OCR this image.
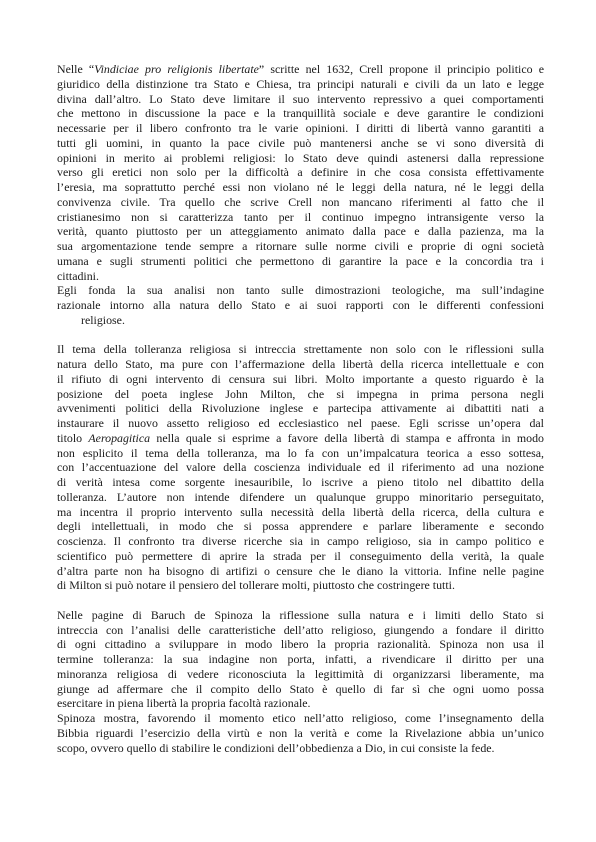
Nelle “Vindiciae pro religionis libertate” scritte nel 1632, Crell propone il principio politico e
giuridico della distinzione tra Stato e Chiesa, tra principi naturali e civili da un lato e legge
divina dall’altro. Lo Stato deve limitare il suo intervento repressivo a quei comportamenti
che mettono in discussione la pace e la tranquillità sociale e deve garantire le condizioni
necessarie per il libero confronto tra le varie opinioni. I diritti di libertà vanno garantiti a
tutti gli uomini, in quanto la pace civile può mantenersi anche se vi sono diversità di
opinioni in merito ai problemi religiosi: lo Stato deve quindi astenersi dalla repressione
verso gli eretici non solo per la difficoltà a definire in che cosa consista effettivamente
l’eresia, ma soprattutto perché essi non violano né le leggi della natura, né le leggi della
convivenza civile. Tra quello che scrive Crell non mancano riferimenti al fatto che il
cristianesimo non si caratterizza tanto per il continuo impegno intransigente verso la
verità, quanto piuttosto per un atteggiamento animato dalla pace e dalla pazienza, ma la
sua argomentazione tende sempre a ritornare sulle norme civili e proprie di ogni società
umana e sugli strumenti politici che permettono di garantire la pace e la concordia tra i
cittadini.
Egli fonda la sua analisi non tanto sulle dimostrazioni teologiche, ma sull’indagine
razionale intorno alla natura dello Stato e ai suoi rapporti con le differenti confessioni
religiose.
Il tema della tolleranza religiosa si intreccia strettamente non solo con le riflessioni sulla
natura dello Stato, ma pure con l’affermazione della libertà della ricerca intellettuale e con
il rifiuto di ogni intervento di censura sui libri. Molto importante a questo riguardo è la
posizione del poeta inglese John Milton, che si impegna in prima persona negli
avvenimenti politici della Rivoluzione inglese e partecipa attivamente ai dibattiti nati a
instaurare il nuovo assetto religioso ed ecclesiastico nel paese. Egli scrisse un’opera dal
titolo Aeropagitica nella quale si esprime a favore della libertà di stampa e affronta in modo
non esplicito il tema della tolleranza, ma lo fa con un’impalcatura teorica a esso sottesa,
con l’accentuazione del valore della coscienza individuale ed il riferimento ad una nozione
di verità intesa come sorgente inesauribile, lo iscrive a pieno titolo nel dibattito della
tolleranza. L’autore non intende difendere un qualunque gruppo minoritario perseguitato,
ma incentra il proprio intervento sulla necessità della libertà della ricerca, della cultura e
degli intellettuali, in modo che si possa apprendere e parlare liberamente e secondo
coscienza. Il confronto tra diverse ricerche sia in campo religioso, sia in campo politico e
scientifico può permettere di aprire la strada per il conseguimento della verità, la quale
d’altra parte non ha bisogno di artifizi o censure che le diano la vittoria. Infine nelle pagine
di Milton si può notare il pensiero del tollerare molti, piuttosto che costringere tutti.
Nelle pagine di Baruch de Spinoza la riflessione sulla natura e i limiti dello Stato si
intreccia con l’analisi delle caratteristiche dell’atto religioso, giungendo a fondare il diritto
di ogni cittadino a sviluppare in modo libero la propria razionalità. Spinoza non usa il
termine tolleranza: la sua indagine non porta, infatti, a rivendicare il diritto per una
minoranza religiosa di vedere riconosciuta la legittimità di organizzarsi liberamente, ma
giunge ad affermare che il compito dello Stato è quello di far sì che ogni uomo possa
esercitare in piena libertà la propria facoltà razionale.
Spinoza mostra, favorendo il momento etico nell’atto religioso, come l’insegnamento della
Bibbia riguardi l’esercizio della virtù e non la verità e come la Rivelazione abbia un’unico
scopo, ovvero quello di stabilire le condizioni dell’obbedienza a Dio, in cui consiste la fede.
